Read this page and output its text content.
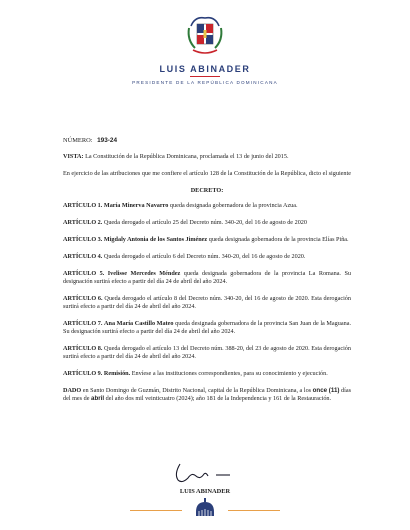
LUIS ABINADER
PRESIDENTE DE LA REPÚBLICA DOMINICANA
NÚMERO: 193-24

VISTA: La Constitución de la República Dominicana, proclamada el 13 de junio del 2015.

En ejercicio de las atribuciones que me confiere el artículo 128 de la Constitución de la República, dicto el siguiente

DECRETO:

ARTÍCULO 1. María Minerva Navarro queda designada gobernadora de la provincia Azua.

ARTÍCULO 2. Queda derogado el artículo 25 del Decreto núm. 340-20, del 16 de agosto de 2020

ARTÍCULO 3. Migdaly Antonia de los Santos Jiménez queda designada gobernadora de la provincia Elías Piña.

ARTÍCULO 4. Queda derogado el artículo 6 del Decreto núm. 340-20, del 16 de agosto de 2020.

ARTÍCULO 5. Ivelisse Mercedes Méndez queda designada gobernadora de la provincia La Romana. Su designación surtirá efecto a partir del día 24 de abril del año 2024.

ARTÍCULO 6. Queda derogado el artículo 8 del Decreto núm. 340-20, del 16 de agosto de 2020. Esta derogación surtirá efecto a partir del día 24 de abril del año 2024.

ARTÍCULO 7. Ana María Castillo Mateo queda designada gobernadora de la provincia San Juan de la Maguana. Su designación surtirá efecto a partir del día 24 de abril del año 2024.

ARTÍCULO 8. Queda derogado el artículo 13 del Decreto núm. 388-20, del 23 de agosto de 2020. Esta derogación surtirá efecto a partir del día 24 de abril del año 2024.

ARTÍCULO 9. Remisión. Envíese a las instituciones correspondientes, para su conocimiento y ejecución.

DADO en Santo Domingo de Guzmán, Distrito Nacional, capital de la República Dominicana, a los once (11) días del mes de abril del año dos mil veinticuatro (2024); año 181 de la Independencia y 161 de la Restauración.

LUIS ABINADER
